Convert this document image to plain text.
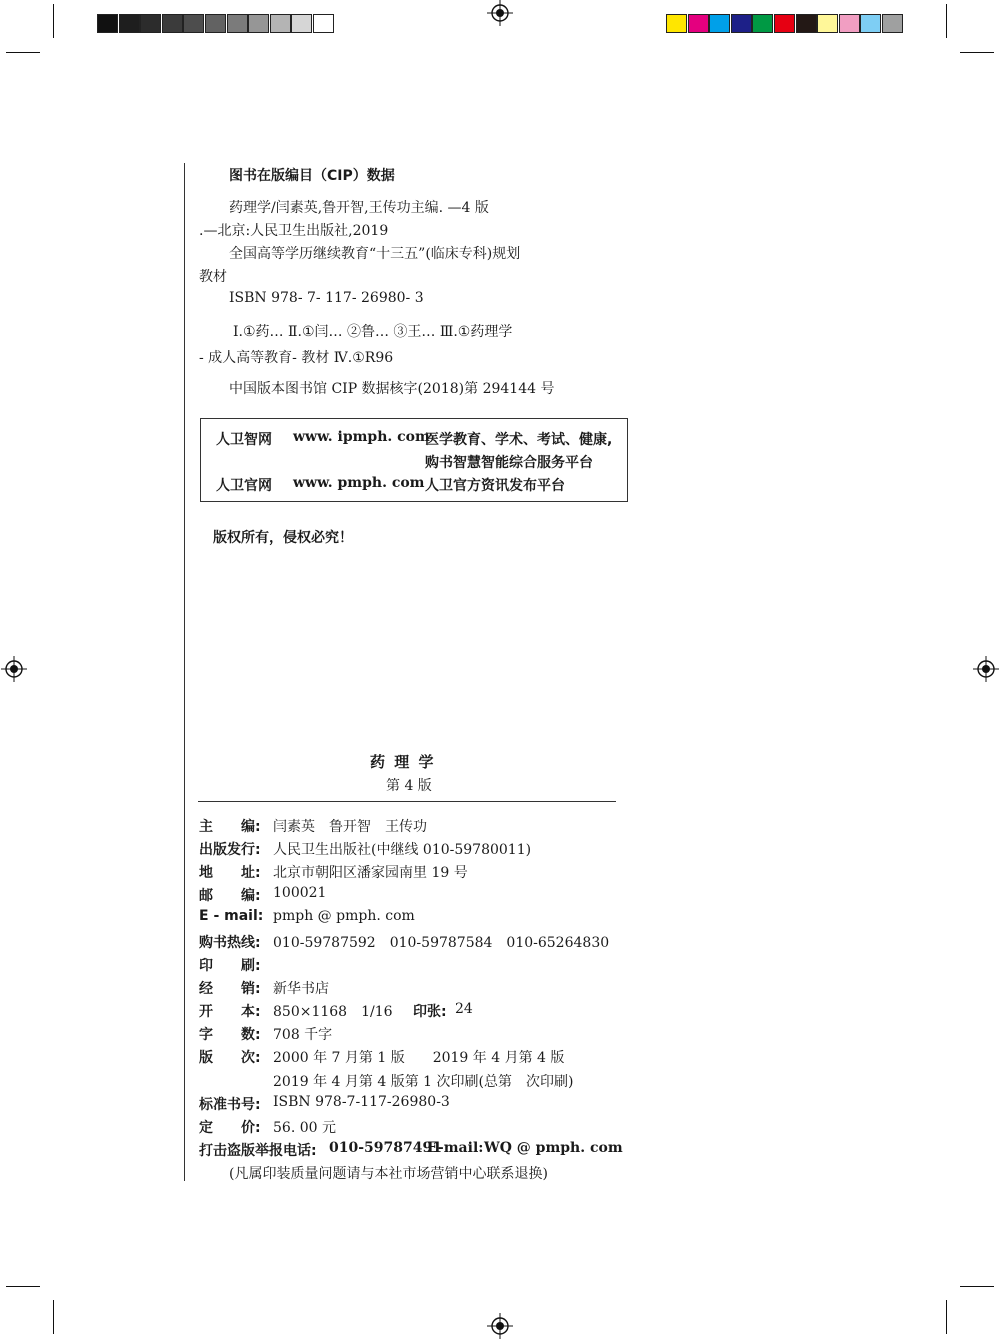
图书在版编目（CIP）数据
药理学/闫素英,鲁开智,王传功主编. —4 版
.—北京:人民卫生出版社,2019
全国高等学历继续教育“十三五”(临床专科)规划
教材
ISBN 978- 7- 117- 26980- 3
Ⅰ.①药… Ⅱ.①闫… ②鲁… ③王… Ⅲ.①药理学
- 成人高等教育- 教材 Ⅳ.①R96
中国版本图书馆 CIP 数据核字(2018)第 294144 号
人卫智网 www. ipmph. com
医学教育、学术、考试、健康,
购书智慧智能综合服务平台
人卫官网 www. pmph. com 人卫官方资讯发布平台
版权所有，侵权必究！
药 理 学
第 4 版
主　　编: 闫素英　鲁开智　王传功
出版发行: 人民卫生出版社(中继线 010-59780011)
地　　址: 北京市朝阳区潘家园南里 19 号
邮　　编: 100021
E - mail: pmph @ pmph. com
购书热线: 010-59787592　010-59787584　010-65264830
印　　刷:
经　　销: 新华书店
开　　本: 850×1168　1/16
字　　数: 708 千字
版　　次: 2000 年 7 月第 1 版　　2019 年 4 月第 4 版
2019 年 4 月第 4 版第 1 次印刷(总第　次印刷)
标准书号: ISBN 978-7-117-26980-3
定　　价: 56. 00 元
印张: 24
打击盗版举报电话: 010-59787491
E-mail: WQ @ pmph. com
(凡属印装质量问题请与本社市场营销中心联系退换)
